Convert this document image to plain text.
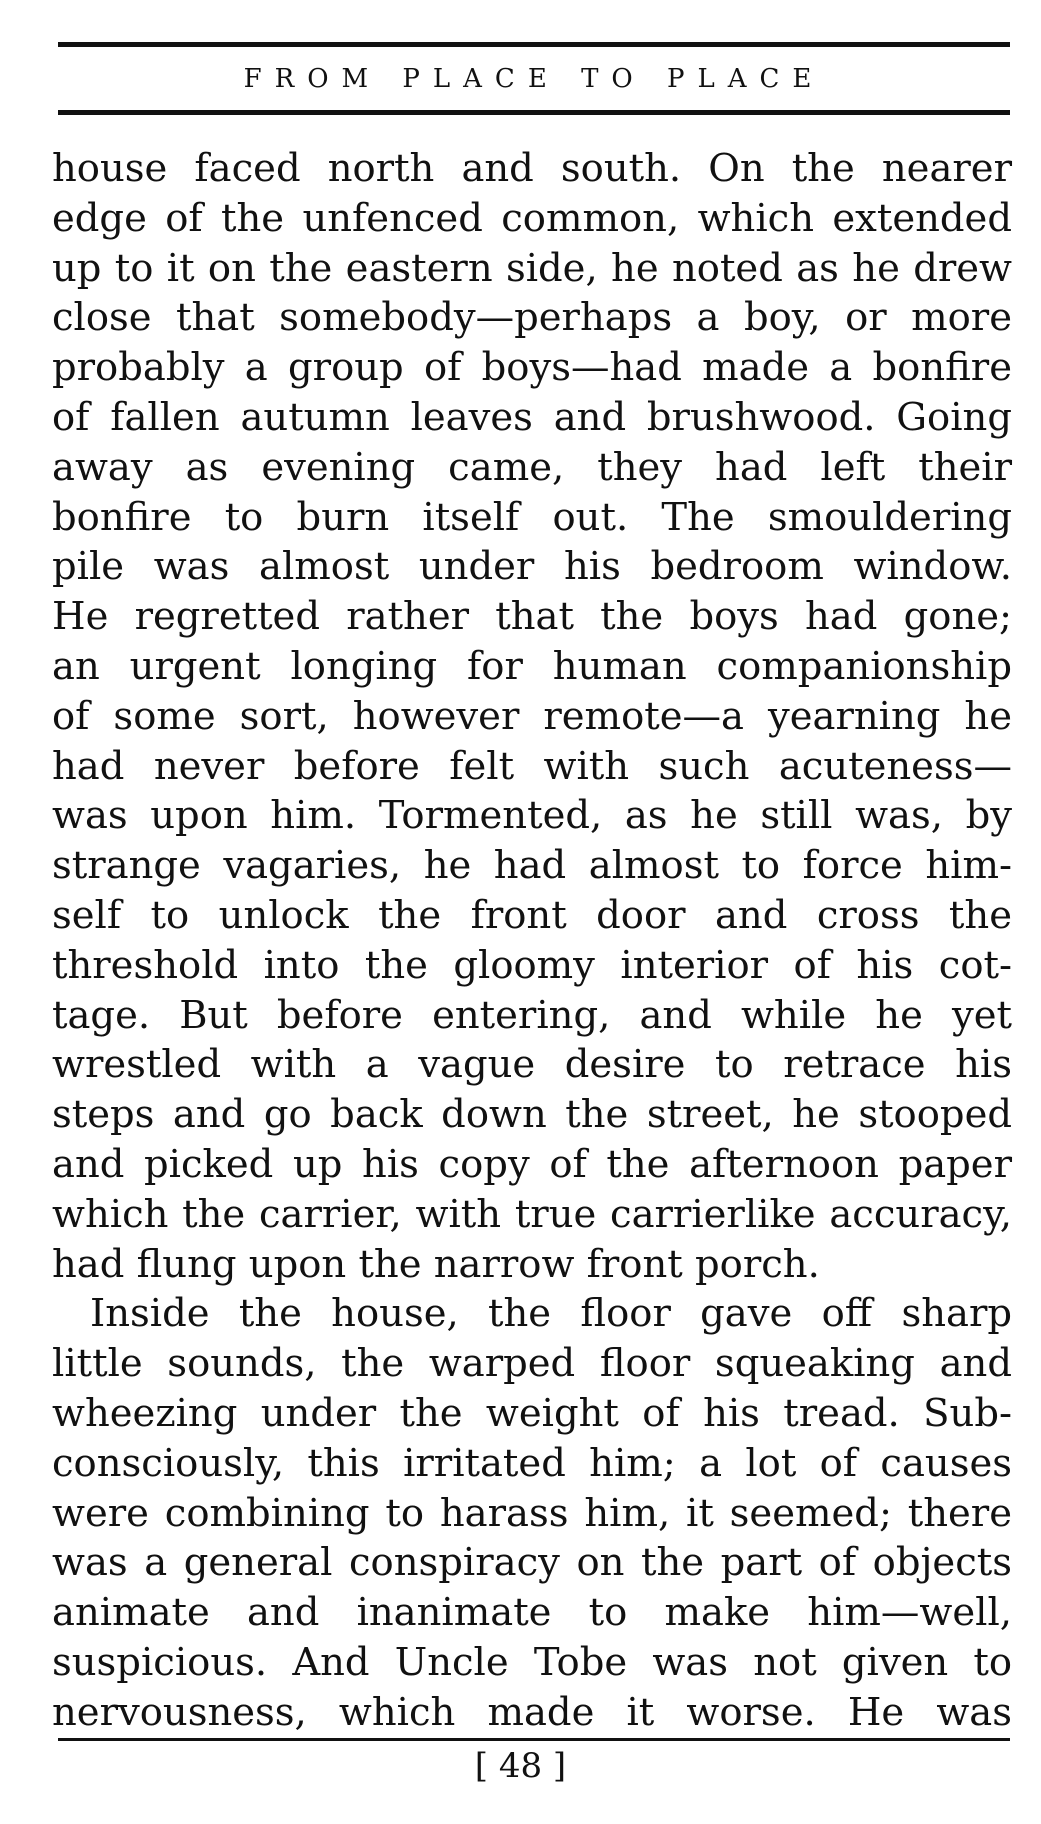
FROM PLACE TO PLACE
house faced north and south. On the nearer
edge of the unfenced common, which extended
up to it on the eastern side, he noted as he drew
close that somebody—perhaps a boy, or more
probably a group of boys—had made a bonfire
of fallen autumn leaves and brushwood. Going
away as evening came, they had left their
bonfire to burn itself out. The smouldering
pile was almost under his bedroom window.
He regretted rather that the boys had gone;
an urgent longing for human companionship
of some sort, however remote—a yearning he
had never before felt with such acuteness—
was upon him. Tormented, as he still was, by
strange vagaries, he had almost to force him-
self to unlock the front door and cross the
threshold into the gloomy interior of his cot-
tage. But before entering, and while he yet
wrestled with a vague desire to retrace his
steps and go back down the street, he stooped
and picked up his copy of the afternoon paper
which the carrier, with true carrierlike accuracy,
had flung upon the narrow front porch.
Inside the house, the floor gave off sharp
little sounds, the warped floor squeaking and
wheezing under the weight of his tread. Sub-
consciously, this irritated him; a lot of causes
were combining to harass him, it seemed; there
was a general conspiracy on the part of objects
animate and inanimate to make him—well,
suspicious. And Uncle Tobe was not given to
nervousness, which made it worse. He was
[ 48 ]
